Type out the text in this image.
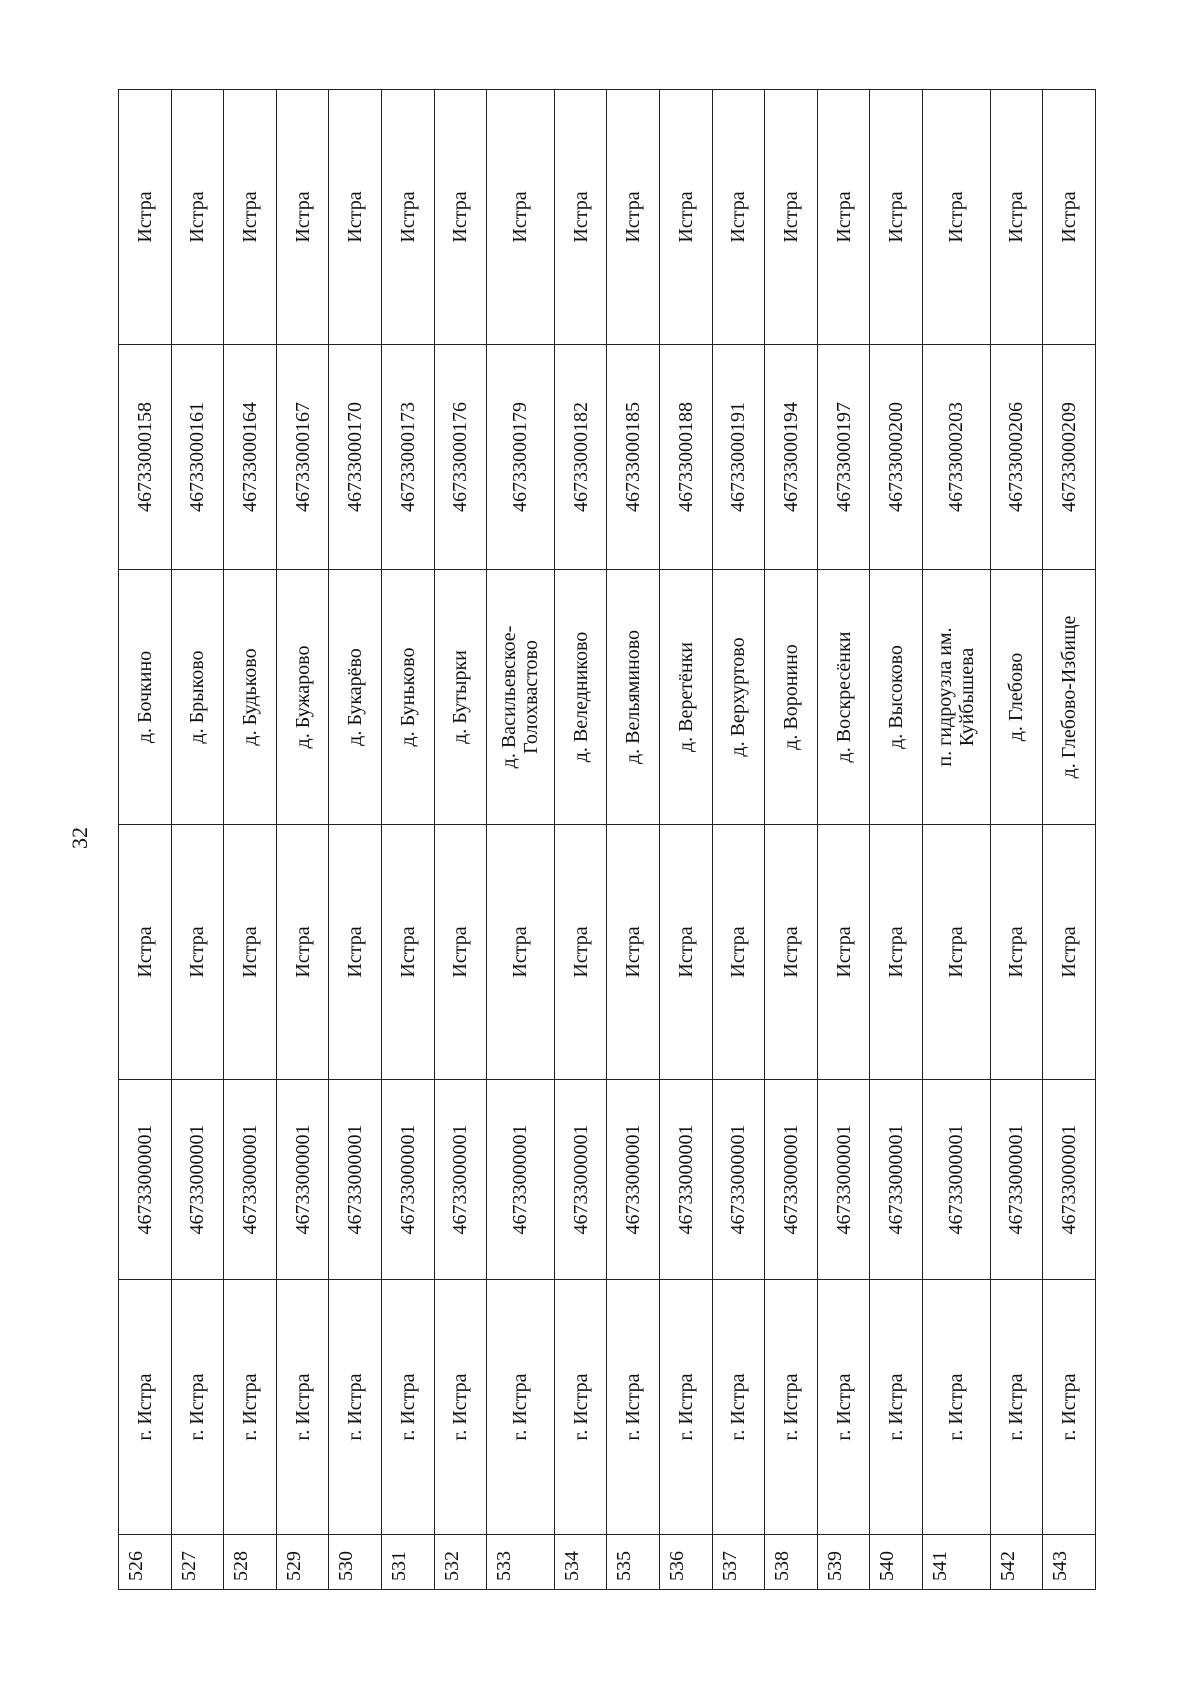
32
526	г. Истра	46733000001	Истра	д. Бочкино	46733000158	Истра
527	г. Истра	46733000001	Истра	д. Брыково	46733000161	Истра
528	г. Истра	46733000001	Истра	д. Будьково	46733000164	Истра
529	г. Истра	46733000001	Истра	д. Бужарово	46733000167	Истра
530	г. Истра	46733000001	Истра	д. Букарёво	46733000170	Истра
531	г. Истра	46733000001	Истра	д. Буньково	46733000173	Истра
532	г. Истра	46733000001	Истра	д. Бутырки	46733000176	Истра
533	г. Истра	46733000001	Истра	д. Васильевское-Голохвастово	46733000179	Истра
534	г. Истра	46733000001	Истра	д. Веледниково	46733000182	Истра
535	г. Истра	46733000001	Истра	д. Вельяминово	46733000185	Истра
536	г. Истра	46733000001	Истра	д. Веретёнки	46733000188	Истра
537	г. Истра	46733000001	Истра	д. Верхуртово	46733000191	Истра
538	г. Истра	46733000001	Истра	д. Воронино	46733000194	Истра
539	г. Истра	46733000001	Истра	д. Воскресёнки	46733000197	Истра
540	г. Истра	46733000001	Истра	д. Высоково	46733000200	Истра
541	г. Истра	46733000001	Истра	п. гидроузла им. Куйбышева	46733000203	Истра
542	г. Истра	46733000001	Истра	д. Глебово	46733000206	Истра
543	г. Истра	46733000001	Истра	д. Глебово-Избище	46733000209	Истра
